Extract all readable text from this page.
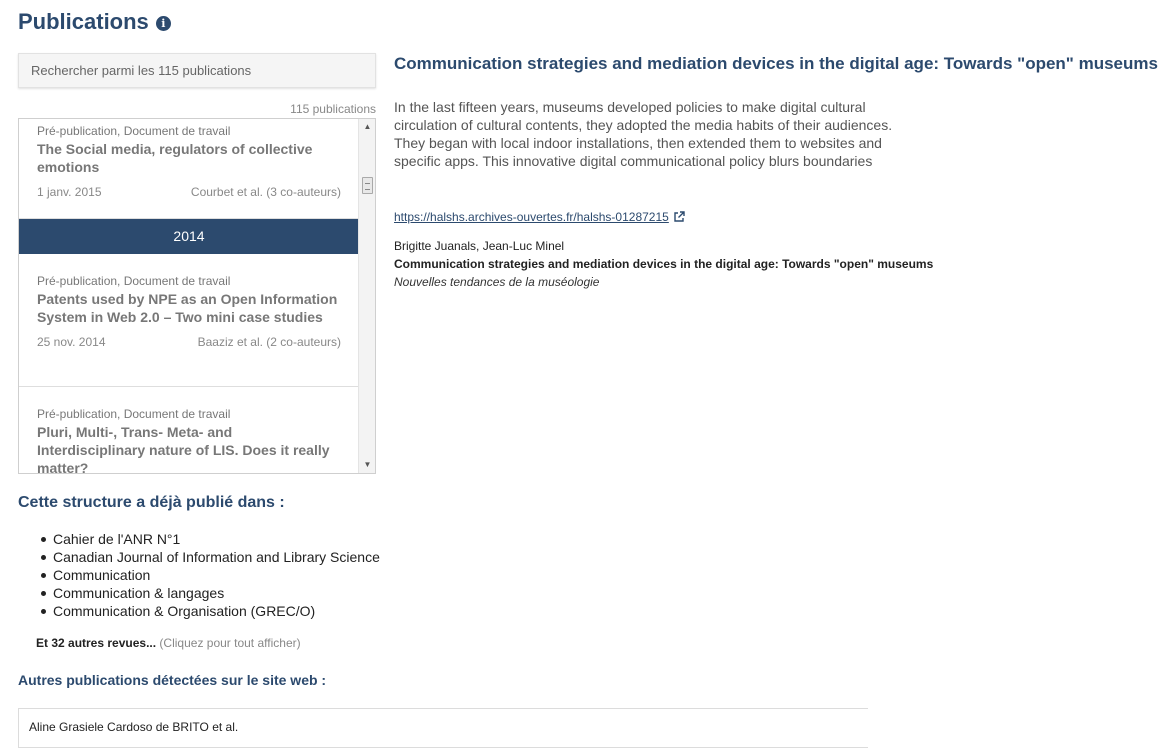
Publications	i
Rechercher parmi les 115 publications
115 publications
Pré-publication, Document de travail
The Social media, regulators of collective emotions
1 janv. 2015	Courbet et al. (3 co-auteurs)
2014
Pré-publication, Document de travail
Patents used by NPE as an Open Information System in Web 2.0 – Two mini case studies
25 nov. 2014	Baaziz et al. (2 co-auteurs)
Pré-publication, Document de travail
Pluri, Multi-, Trans- Meta- and Interdisciplinary nature of LIS. Does it really matter?
▲
▼
Communication strategies and mediation devices in the digital age: Towards "open" museums
In the last fifteen years, museums developed policies to make digital cultural
circulation of cultural contents, they adopted the media habits of their audiences.
They began with local indoor installations, then extended them to websites and
specific apps. This innovative digital communicational policy blurs boundaries
https://halshs.archives-ouvertes.fr/halshs-01287215
Brigitte Juanals, Jean-Luc Minel
Communication strategies and mediation devices in the digital age: Towards "open" museums
Nouvelles tendances de la muséologie
Cette structure a déjà publié dans :
Cahier de l'ANR N°1
Canadian Journal of Information and Library Science
Communication
Communication & langages
Communication & Organisation (GREC/O)
Et 32 autres revues... (Cliquez pour tout afficher)
Autres publications détectées sur le site web :
Aline Grasiele Cardoso de BRITO et al.
